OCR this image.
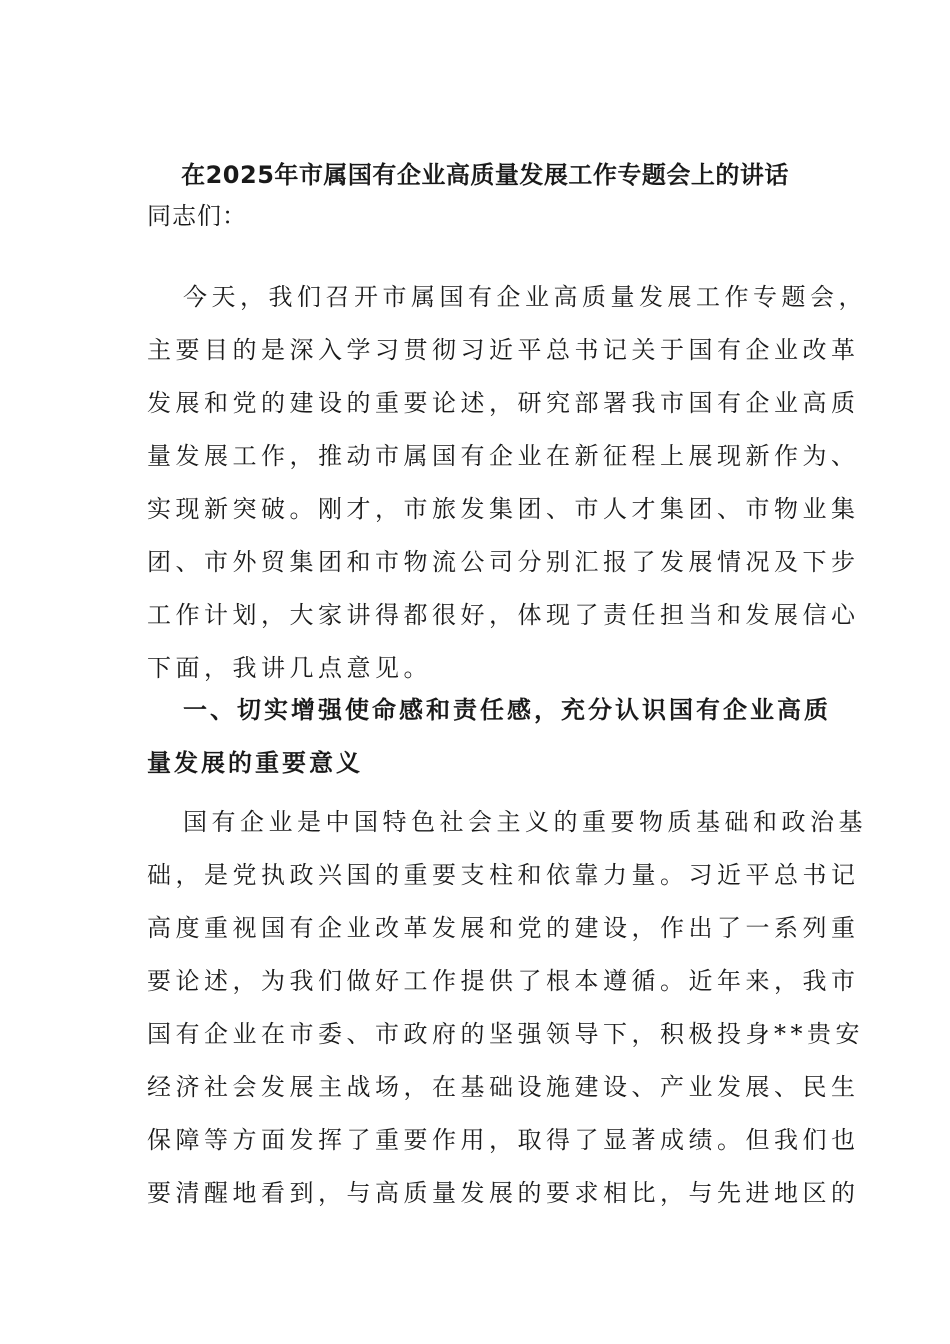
在2025年市属国有企业高质量发展工作专题会上的讲话
同志们：
今天，我们召开市属国有企业高质量发展工作专题会，
主要目的是深入学习贯彻习近平总书记关于国有企业改革
发展和党的建设的重要论述，研究部署我市国有企业高质
量发展工作，推动市属国有企业在新征程上展现新作为、
实现新突破。刚才，市旅发集团、市人才集团、市物业集
团、市外贸集团和市物流公司分别汇报了发展情况及下步
工作计划，大家讲得都很好，体现了责任担当和发展信心
下面，我讲几点意见。
一、切实增强使命感和责任感，充分认识国有企业高质
量发展的重要意义
国有企业是中国特色社会主义的重要物质基础和政治基
础，是党执政兴国的重要支柱和依靠力量。习近平总书记
高度重视国有企业改革发展和党的建设，作出了一系列重
要论述，为我们做好工作提供了根本遵循。近年来，我市
国有企业在市委、市政府的坚强领导下，积极投身**贵安
经济社会发展主战场，在基础设施建设、产业发展、民生
保障等方面发挥了重要作用，取得了显著成绩。但我们也
要清醒地看到，与高质量发展的要求相比，与先进地区的
